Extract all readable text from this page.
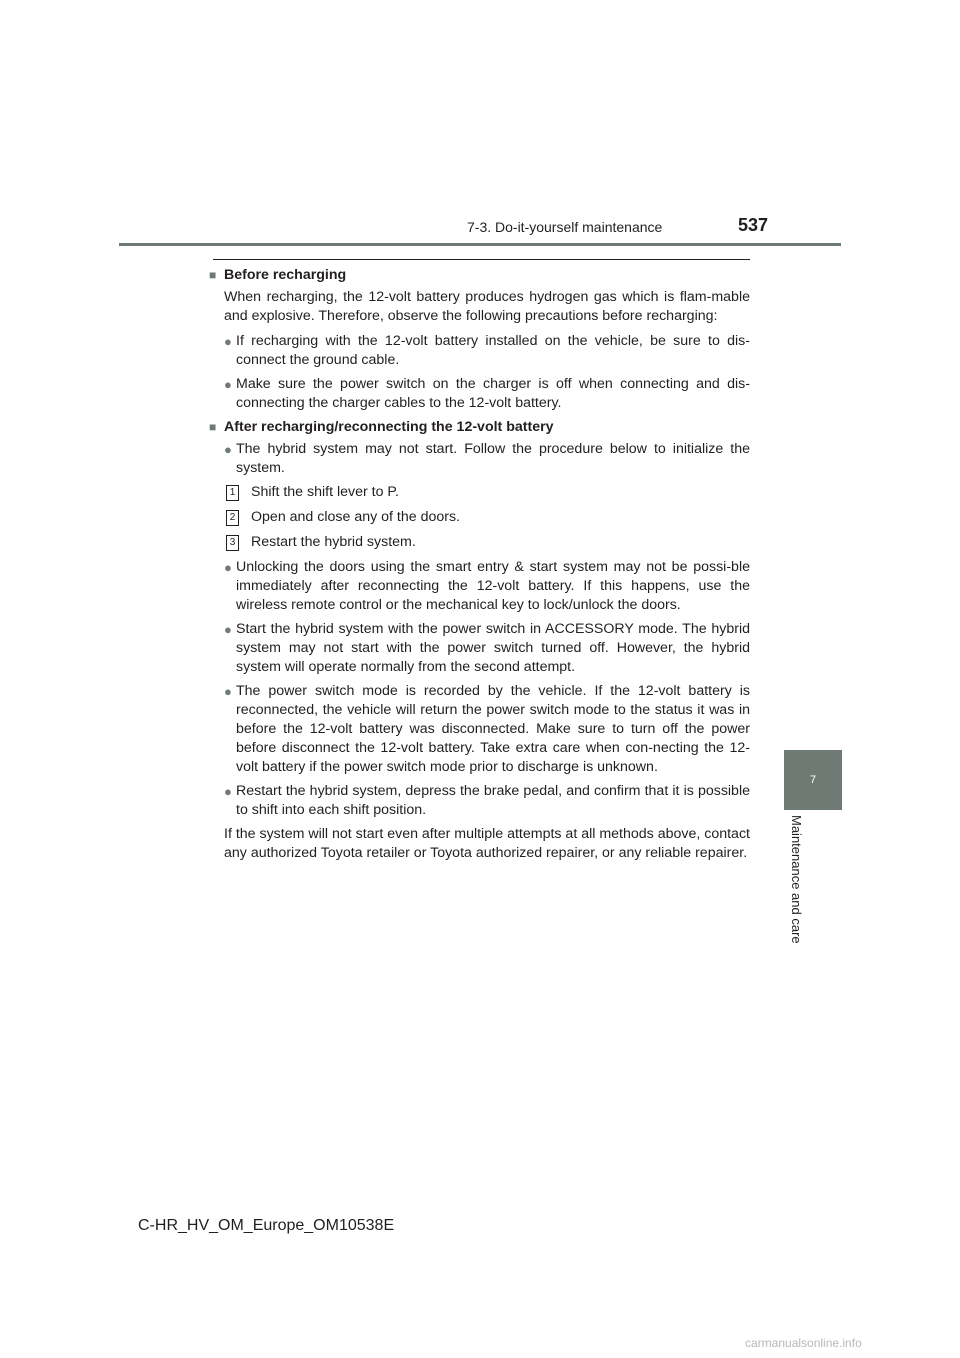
7-3. Do-it-yourself maintenance	537
7
Maintenance and care
■ Before recharging
When recharging, the 12-volt battery produces hydrogen gas which is flam-mable and explosive. Therefore, observe the following precautions before recharging:
● If recharging with the 12-volt battery installed on the vehicle, be sure to dis-connect the ground cable.
● Make sure the power switch on the charger is off when connecting and dis-connecting the charger cables to the 12-volt battery.
■ After recharging/reconnecting the 12-volt battery
● The hybrid system may not start. Follow the procedure below to initialize the system.
1 Shift the shift lever to P.
2 Open and close any of the doors.
3 Restart the hybrid system.
● Unlocking the doors using the smart entry & start system may not be possi-ble immediately after reconnecting the 12-volt battery. If this happens, use the wireless remote control or the mechanical key to lock/unlock the doors.
● Start the hybrid system with the power switch in ACCESSORY mode. The hybrid system may not start with the power switch turned off. However, the hybrid system will operate normally from the second attempt.
● The power switch mode is recorded by the vehicle. If the 12-volt battery is reconnected, the vehicle will return the power switch mode to the status it was in before the 12-volt battery was disconnected. Make sure to turn off the power before disconnect the 12-volt battery. Take extra care when con-necting the 12-volt battery if the power switch mode prior to discharge is unknown.
● Restart the hybrid system, depress the brake pedal, and confirm that it is possible to shift into each shift position.
If the system will not start even after multiple attempts at all methods above, contact any authorized Toyota retailer or Toyota authorized repairer, or any reliable repairer.
C-HR_HV_OM_Europe_OM10538E
carmanualsonline.info
